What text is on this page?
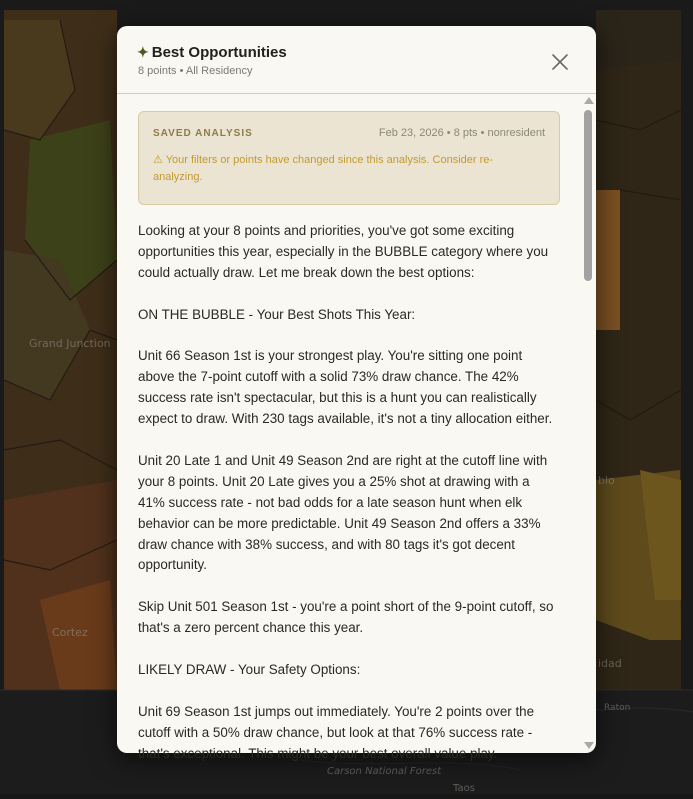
Grand Junction
Cortez
blo
idad
Raton
Carson National Forest
Taos
✦ Best Opportunities
8 points • All Residency
SAVED ANALYSIS	Feb 23, 2026 • 8 pts • nonresident
⚠ Your filters or points have changed since this analysis. Consider re-analyzing.

Looking at your 8 points and priorities, you've got some exciting opportunities this year, especially in the BUBBLE category where you could actually draw. Let me break down the best options:

ON THE BUBBLE - Your Best Shots This Year:

Unit 66 Season 1st is your strongest play. You're sitting one point above the 7-point cutoff with a solid 73% draw chance. The 42% success rate isn't spectacular, but this is a hunt you can realistically expect to draw. With 230 tags available, it's not a tiny allocation either.

Unit 20 Late 1 and Unit 49 Season 2nd are right at the cutoff line with your 8 points. Unit 20 Late gives you a 25% shot at drawing with a 41% success rate - not bad odds for a late season hunt when elk behavior can be more predictable. Unit 49 Season 2nd offers a 33% draw chance with 38% success, and with 80 tags it's got decent opportunity.

Skip Unit 501 Season 1st - you're a point short of the 9-point cutoff, so that's a zero percent chance this year.

LIKELY DRAW - Your Safety Options:

Unit 69 Season 1st jumps out immediately. You're 2 points over the cutoff with a 50% draw chance, but look at that 76% success rate - that's exceptional. This might be your best overall value play.
